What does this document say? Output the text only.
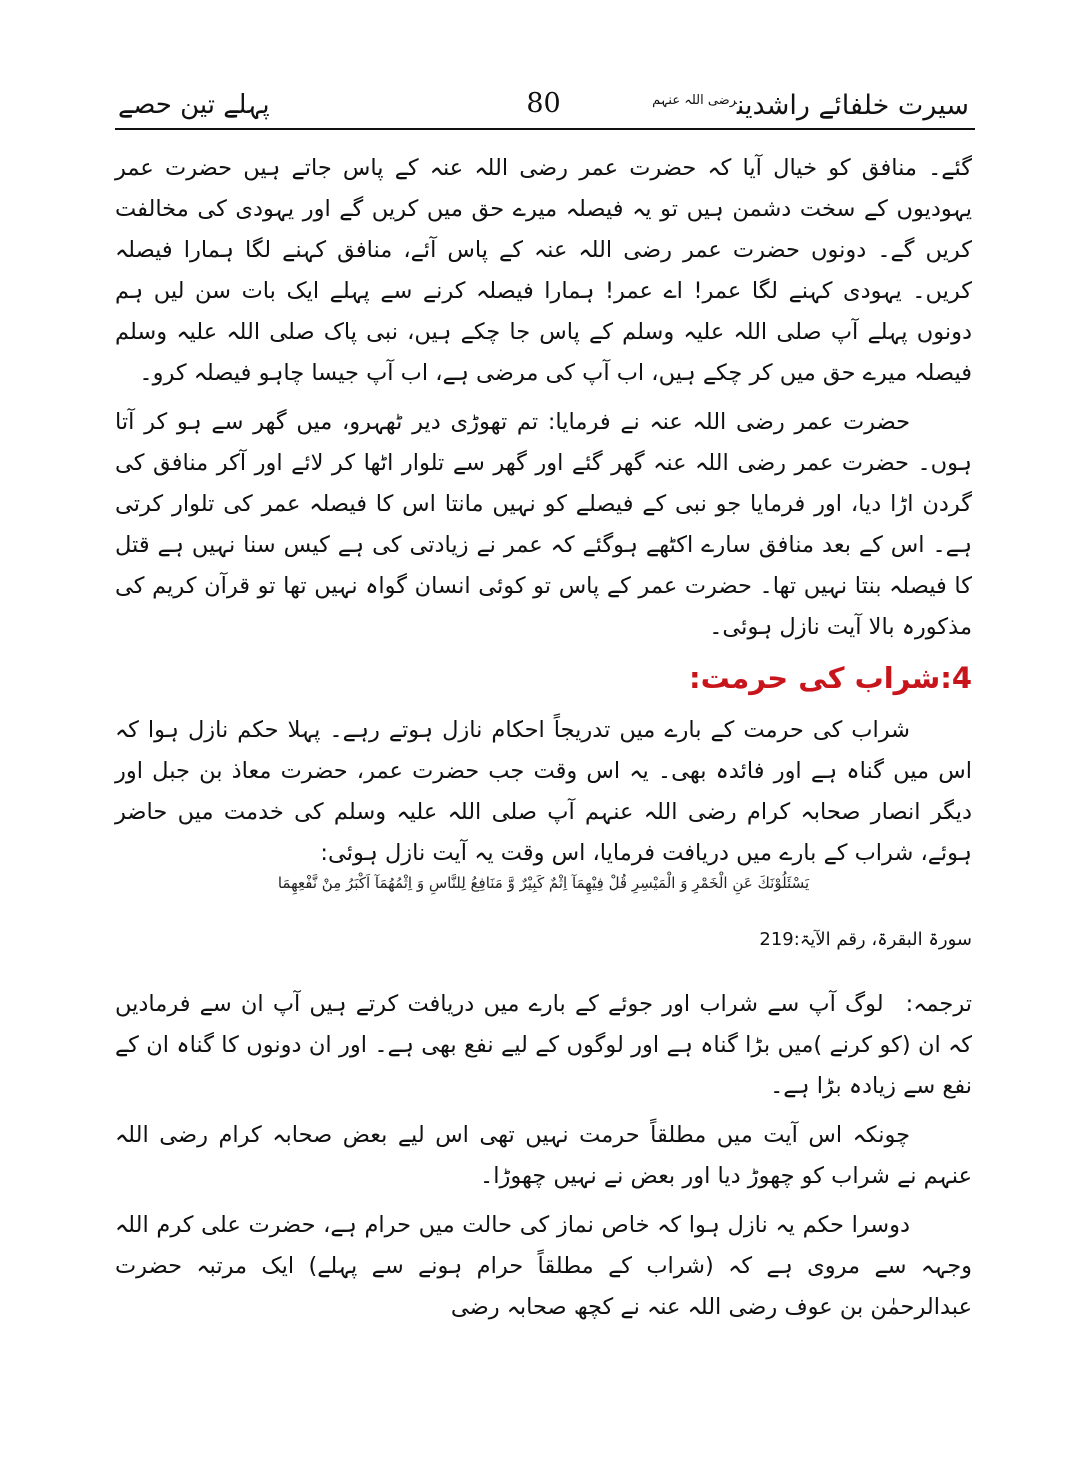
سیرت خلفائے راشدین$^{رضی اللہ عنہم}$
80
پہلے تین حصے

گئے۔ منافق کو خیال آیا کہ حضرت عمر رضی اللہ عنہ کے پاس جاتے ہیں حضرت عمر یہودیوں کے سخت دشمن ہیں تو یہ فیصلہ میرے حق میں کریں گے اور یہودی کی مخالفت کریں گے۔ دونوں حضرت عمر رضی اللہ عنہ کے پاس آئے، منافق کہنے لگا ہمارا فیصلہ کریں۔ یہودی کہنے لگا عمر! اے عمر! ہمارا فیصلہ کرنے سے پہلے ایک بات سن لیں ہم دونوں پہلے آپ صلی اللہ علیہ وسلم کے پاس جا چکے ہیں، نبی پاک صلی اللہ علیہ وسلم فیصلہ میرے حق میں کر چکے ہیں، اب آپ کی مرضی ہے، اب آپ جیسا چاہو فیصلہ کرو۔

حضرت عمر رضی اللہ عنہ نے فرمایا: تم تھوڑی دیر ٹھہرو، میں گھر سے ہو کر آتا ہوں۔ حضرت عمر رضی اللہ عنہ گھر گئے اور گھر سے تلوار اٹھا کر لائے اور آکر منافق کی گردن اڑا دیا، اور فرمایا جو نبی کے فیصلے کو نہیں مانتا اس کا فیصلہ عمر کی تلوار کرتی ہے۔ اس کے بعد منافق سارے اکٹھے ہوگئے کہ عمر نے زیادتی کی ہے کیس سنا نہیں ہے قتل کا فیصلہ بنتا نہیں تھا۔ حضرت عمر کے پاس تو کوئی انسان گواہ نہیں تھا تو قرآن کریم کی مذکورہ بالا آیت نازل ہوئی۔

4:شراب کی حرمت:

شراب کی حرمت کے بارے میں تدریجاً احکام نازل ہوتے رہے۔ پہلا حکم نازل ہوا کہ اس میں گناہ ہے اور فائدہ بھی۔ یہ اس وقت جب حضرت عمر، حضرت معاذ بن جبل اور دیگر انصار صحابہ کرام رضی اللہ عنہم آپ صلی اللہ علیہ وسلم کی خدمت میں حاضر ہوئے، شراب کے بارے میں دریافت فرمایا، اس وقت یہ آیت نازل ہوئی:

يَسْئَلُوْنَكَ عَنِ الْخَمْرِ وَ الْمَيْسِرِ قُلْ فِيْهِمَآ اِثْمٌ كَبِيْرٌ وَّ مَنَافِعُ لِلنَّاسِ وَ اِثْمُهُمَآ اَكْبَرُ مِنْ نَّفْعِهِمَا

سورۃ البقرۃ، رقم الآیۃ:219

ترجمہ:لوگ آپ سے شراب اور جوئے کے بارے میں دریافت کرتے ہیں آپ ان سے فرمادیں کہ ان (کو کرنے )میں بڑا گناہ ہے اور لوگوں کے لیے نفع بھی ہے۔ اور ان دونوں کا گناہ ان کے نفع سے زیادہ بڑا ہے۔

چونکہ اس آیت میں مطلقاً حرمت نہیں تھی اس لیے بعض صحابہ کرام رضی اللہ عنہم نے شراب کو چھوڑ دیا اور بعض نے نہیں چھوڑا۔

دوسرا حکم یہ نازل ہوا کہ خاص نماز کی حالت میں حرام ہے، حضرت علی کرم اللہ وجہہ سے مروی ہے کہ (شراب کے مطلقاً حرام ہونے سے پہلے) ایک مرتبہ حضرت عبدالرحمٰن بن عوف رضی اللہ عنہ نے کچھ صحابہ رضی
